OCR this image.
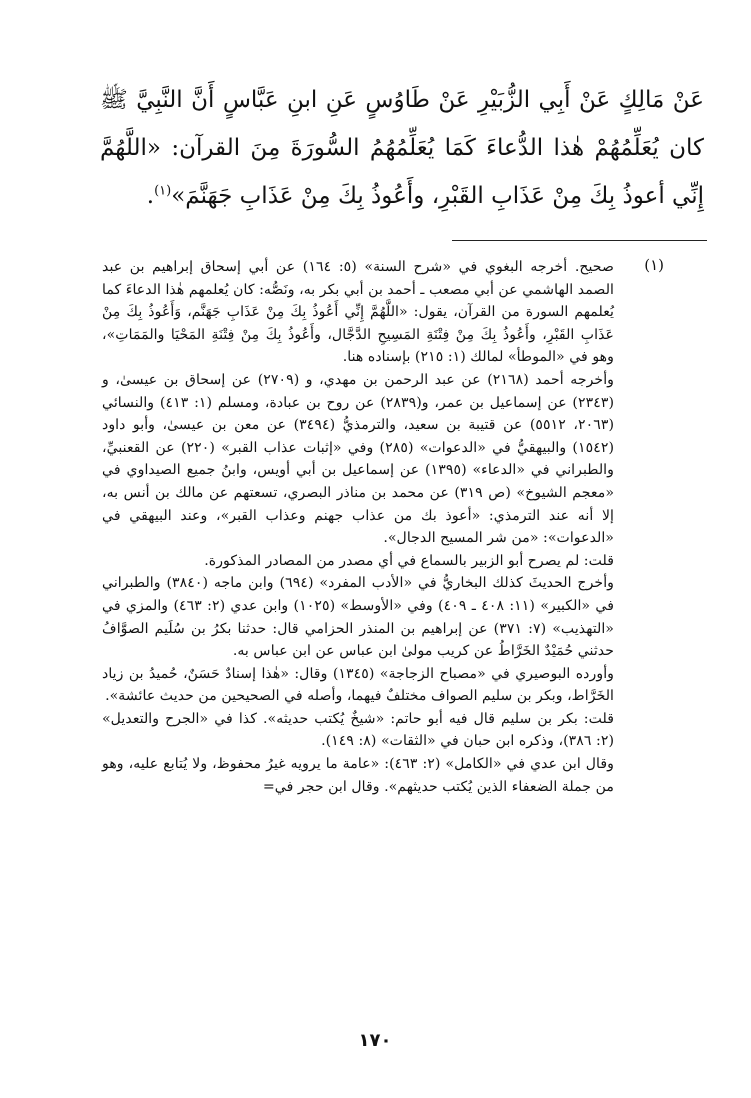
عَنْ مَالِكٍ عَنْ أَبِي الزُّبَيْرِ عَنْ طَاوُسٍ عَنِ ابنِ عَبَّاسٍ أَنَّ النَّبِيَّ ﷺ كان يُعَلِّمُهُمْ هٰذا الدُّعاءَ كَمَا يُعَلِّمُهُمُ السُّورَةَ مِنَ القرآن: «اللَّهُمَّ إِنِّي أعوذُ بِكَ مِنْ عَذَابِ القَبْرِ، وأَعُوذُ بِكَ مِنْ عَذَابِ جَهَنَّمَ»$^{(١)}$.

(١)

صحيح. أخرجه البغوي في «شرح السنة» (٥: ١٦٤) عن أبي إسحاق إبراهيم بن عبد الصمد الهاشمي عن أبي مصعب ـ أحمد بن أبي بكر به، ونَصُّه: كان يُعلمهم هٰذا الدعاءَ كما يُعلمهم السورة من القرآن، يقول: «اللَّهُمَّ إِنِّي أَعُوذُ بِكَ مِنْ عَذَابِ جَهَنَّم، وَأَعُوذُ بِكَ مِنْ عَذَابِ القَبْرِ، وأَعُوذُ بِكَ مِنْ فِتْنَةِ المَسِيحِ الدَّجَّال، وأَعُوذُ بِكَ مِنْ فِتْنَةِ المَحْيَا والمَمَاتِ»، وهو في «الموطأ» لمالك (١: ٢١٥) بإسناده هنا.

وأخرجه أحمد (٢١٦٨) عن عبد الرحمن بن مهدي، و (٢٧٠٩) عن إسحاق بن عيسىٰ، و (٢٣٤٣) عن إسماعيل بن عمر، و(٢٨٣٩) عن روح بن عبادة، ومسلم (١: ٤١٣) والنسائي (٢٠٦٣، ٥٥١٢) عن قتيبة بن سعيد، والترمذيُّ (٣٤٩٤) عن معن بن عيسىٰ، وأبو داود (١٥٤٢) والبيهقيُّ في «الدعوات» (٢٨٥) وفي «إثبات عذاب القبر» (٢٢٠) عن القعنبيِّ، والطبراني في «الدعاء» (١٣٩٥) عن إسماعيل بن أبي أويس، وابنُ جميع الصيداوي في «معجم الشيوخ» (ص ٣١٩) عن محمد بن مناذر البصري، تسعتهم عن مالك بن أنس به، إلا أنه عند الترمذي: «أعوذ بك من عذاب جهنم وعذاب القبر»، وعند البيهقي في «الدعوات»: «من شر المسيح الدجال».

قلت: لم يصرح أبو الزبير بالسماع في أي مصدر من المصادر المذكورة.

وأخرج الحديثَ كذلك البخاريُّ في «الأدب المفرد» (٦٩٤) وابن ماجه (٣٨٤٠) والطبراني في «الكبير» (١١: ٤٠٨ ـ ٤٠٩) وفي «الأوسط» (١٠٢٥) وابن عدي (٢: ٤٦٣) والمزي في «التهذيب» (٧: ٣٧١) عن إبراهيم بن المنذر الحزامي قال: حدثنا بكرُ بن سُلَيم الصوَّافُ حدثني حُمَيْدٌ الخَرَّاطُ عن كريب مولىٰ ابن عباس عن ابن عباس به.

وأورده البوصيري في «مصباح الزجاجة» (١٣٤٥) وقال: «هٰذا إسنادٌ حَسَنٌ، حُميدُ بن زياد الخَرَّاط، وبكر بن سليم الصواف مختلفٌ فيهما، وأصله في الصحيحين من حديث عائشة».

قلت: بكر بن سليم قال فيه أبو حاتم: «شيخٌ يُكتب حديثه». كذا في «الجرح والتعديل» (٢: ٣٨٦)، وذكره ابن حبان في «الثقات» (٨: ١٤٩).

وقال ابن عدي في «الكامل» (٢: ٤٦٣): «عامة ما يرويه غيرُ محفوظ، ولا يُتابع عليه، وهو من جملة الضعفاء الذين يُكتب حديثهم». وقال ابن حجر في=

١٧٠
